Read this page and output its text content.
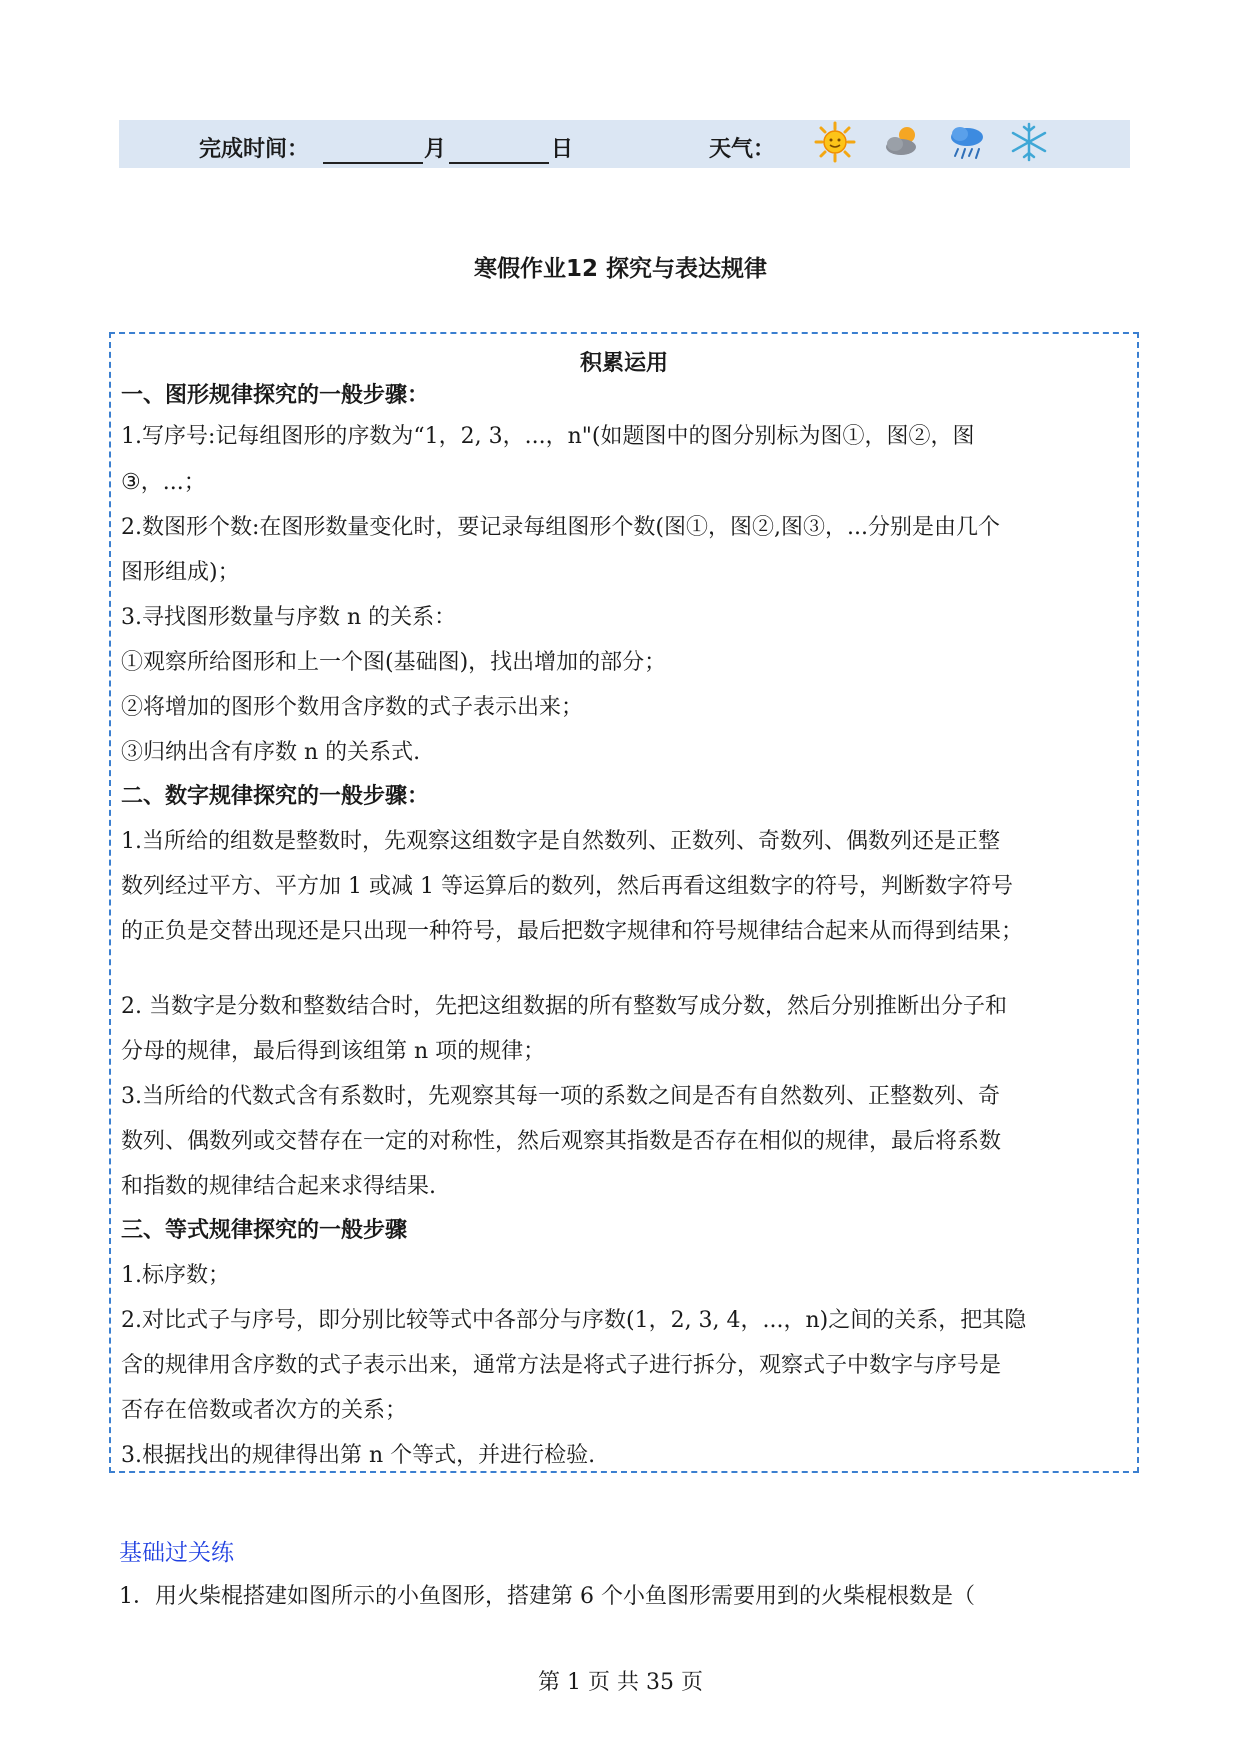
完成时间：	月	日	天气：
寒假作业12 探究与表达规律
积累运用
一、图形规律探究的一般步骤：
1.写序号:记每组图形的序数为“1，2, 3，...，n"(如题图中的图分别标为图①，图②，图
③，...；
2.数图形个数:在图形数量变化时，要记录每组图形个数(图①，图②,图③，...分别是由几个
图形组成)；
3.寻找图形数量与序数 n 的关系：
①观察所给图形和上一个图(基础图)，找出增加的部分；
②将增加的图形个数用含序数的式子表示出来；
③归纳出含有序数 n 的关系式.
二、数字规律探究的一般步骤：
1.当所给的组数是整数时，先观察这组数字是自然数列、正数列、奇数列、偶数列还是正整
数列经过平方、平方加 1 或减 1 等运算后的数列，然后再看这组数字的符号，判断数字符号
的正负是交替出现还是只出现一种符号，最后把数字规律和符号规律结合起来从而得到结果；
2. 当数字是分数和整数结合时，先把这组数据的所有整数写成分数，然后分别推断出分子和
分母的规律，最后得到该组第 n 项的规律；
3.当所给的代数式含有系数时，先观察其每一项的系数之间是否有自然数列、正整数列、奇
数列、偶数列或交替存在一定的对称性，然后观察其指数是否存在相似的规律，最后将系数
和指数的规律结合起来求得结果.
三、等式规律探究的一般步骤
1.标序数；
2.对比式子与序号，即分别比较等式中各部分与序数(1，2, 3, 4，...，n)之间的关系，把其隐
含的规律用含序数的式子表示出来，通常方法是将式子进行拆分，观察式子中数字与序号是
否存在倍数或者次方的关系；
3.根据找出的规律得出第 n 个等式，并进行检验.
基础过关练
1．用火柴棍搭建如图所示的小鱼图形，搭建第 6 个小鱼图形需要用到的火柴棍根数是（
第 1 页 共 35 页
